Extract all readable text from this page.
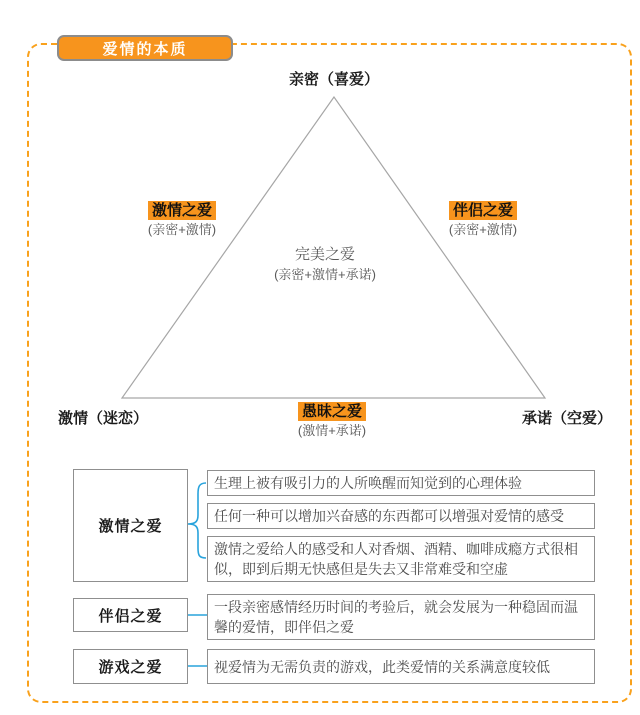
爱情的本质
亲密（喜爱）
激情（迷恋）	承诺（空爱）
激情之爱
(亲密+激情)
伴侣之爱
(亲密+激情)
完美之爱
(亲密+激情+承诺)
愚昧之爱
(激情+承诺)
激情之爱
生理上被有吸引力的人所唤醒而知觉到的心理体验
任何一种可以增加兴奋感的东西都可以增强对爱情的感受
激情之爱给人的感受和人对香烟、酒精、咖啡成瘾方式很相似，即到后期无快感但是失去又非常难受和空虚
伴侣之爱
一段亲密感情经历时间的考验后，就会发展为一种稳固而温馨的爱情，即伴侣之爱
游戏之爱	视爱情为无需负责的游戏，此类爱情的关系满意度较低
